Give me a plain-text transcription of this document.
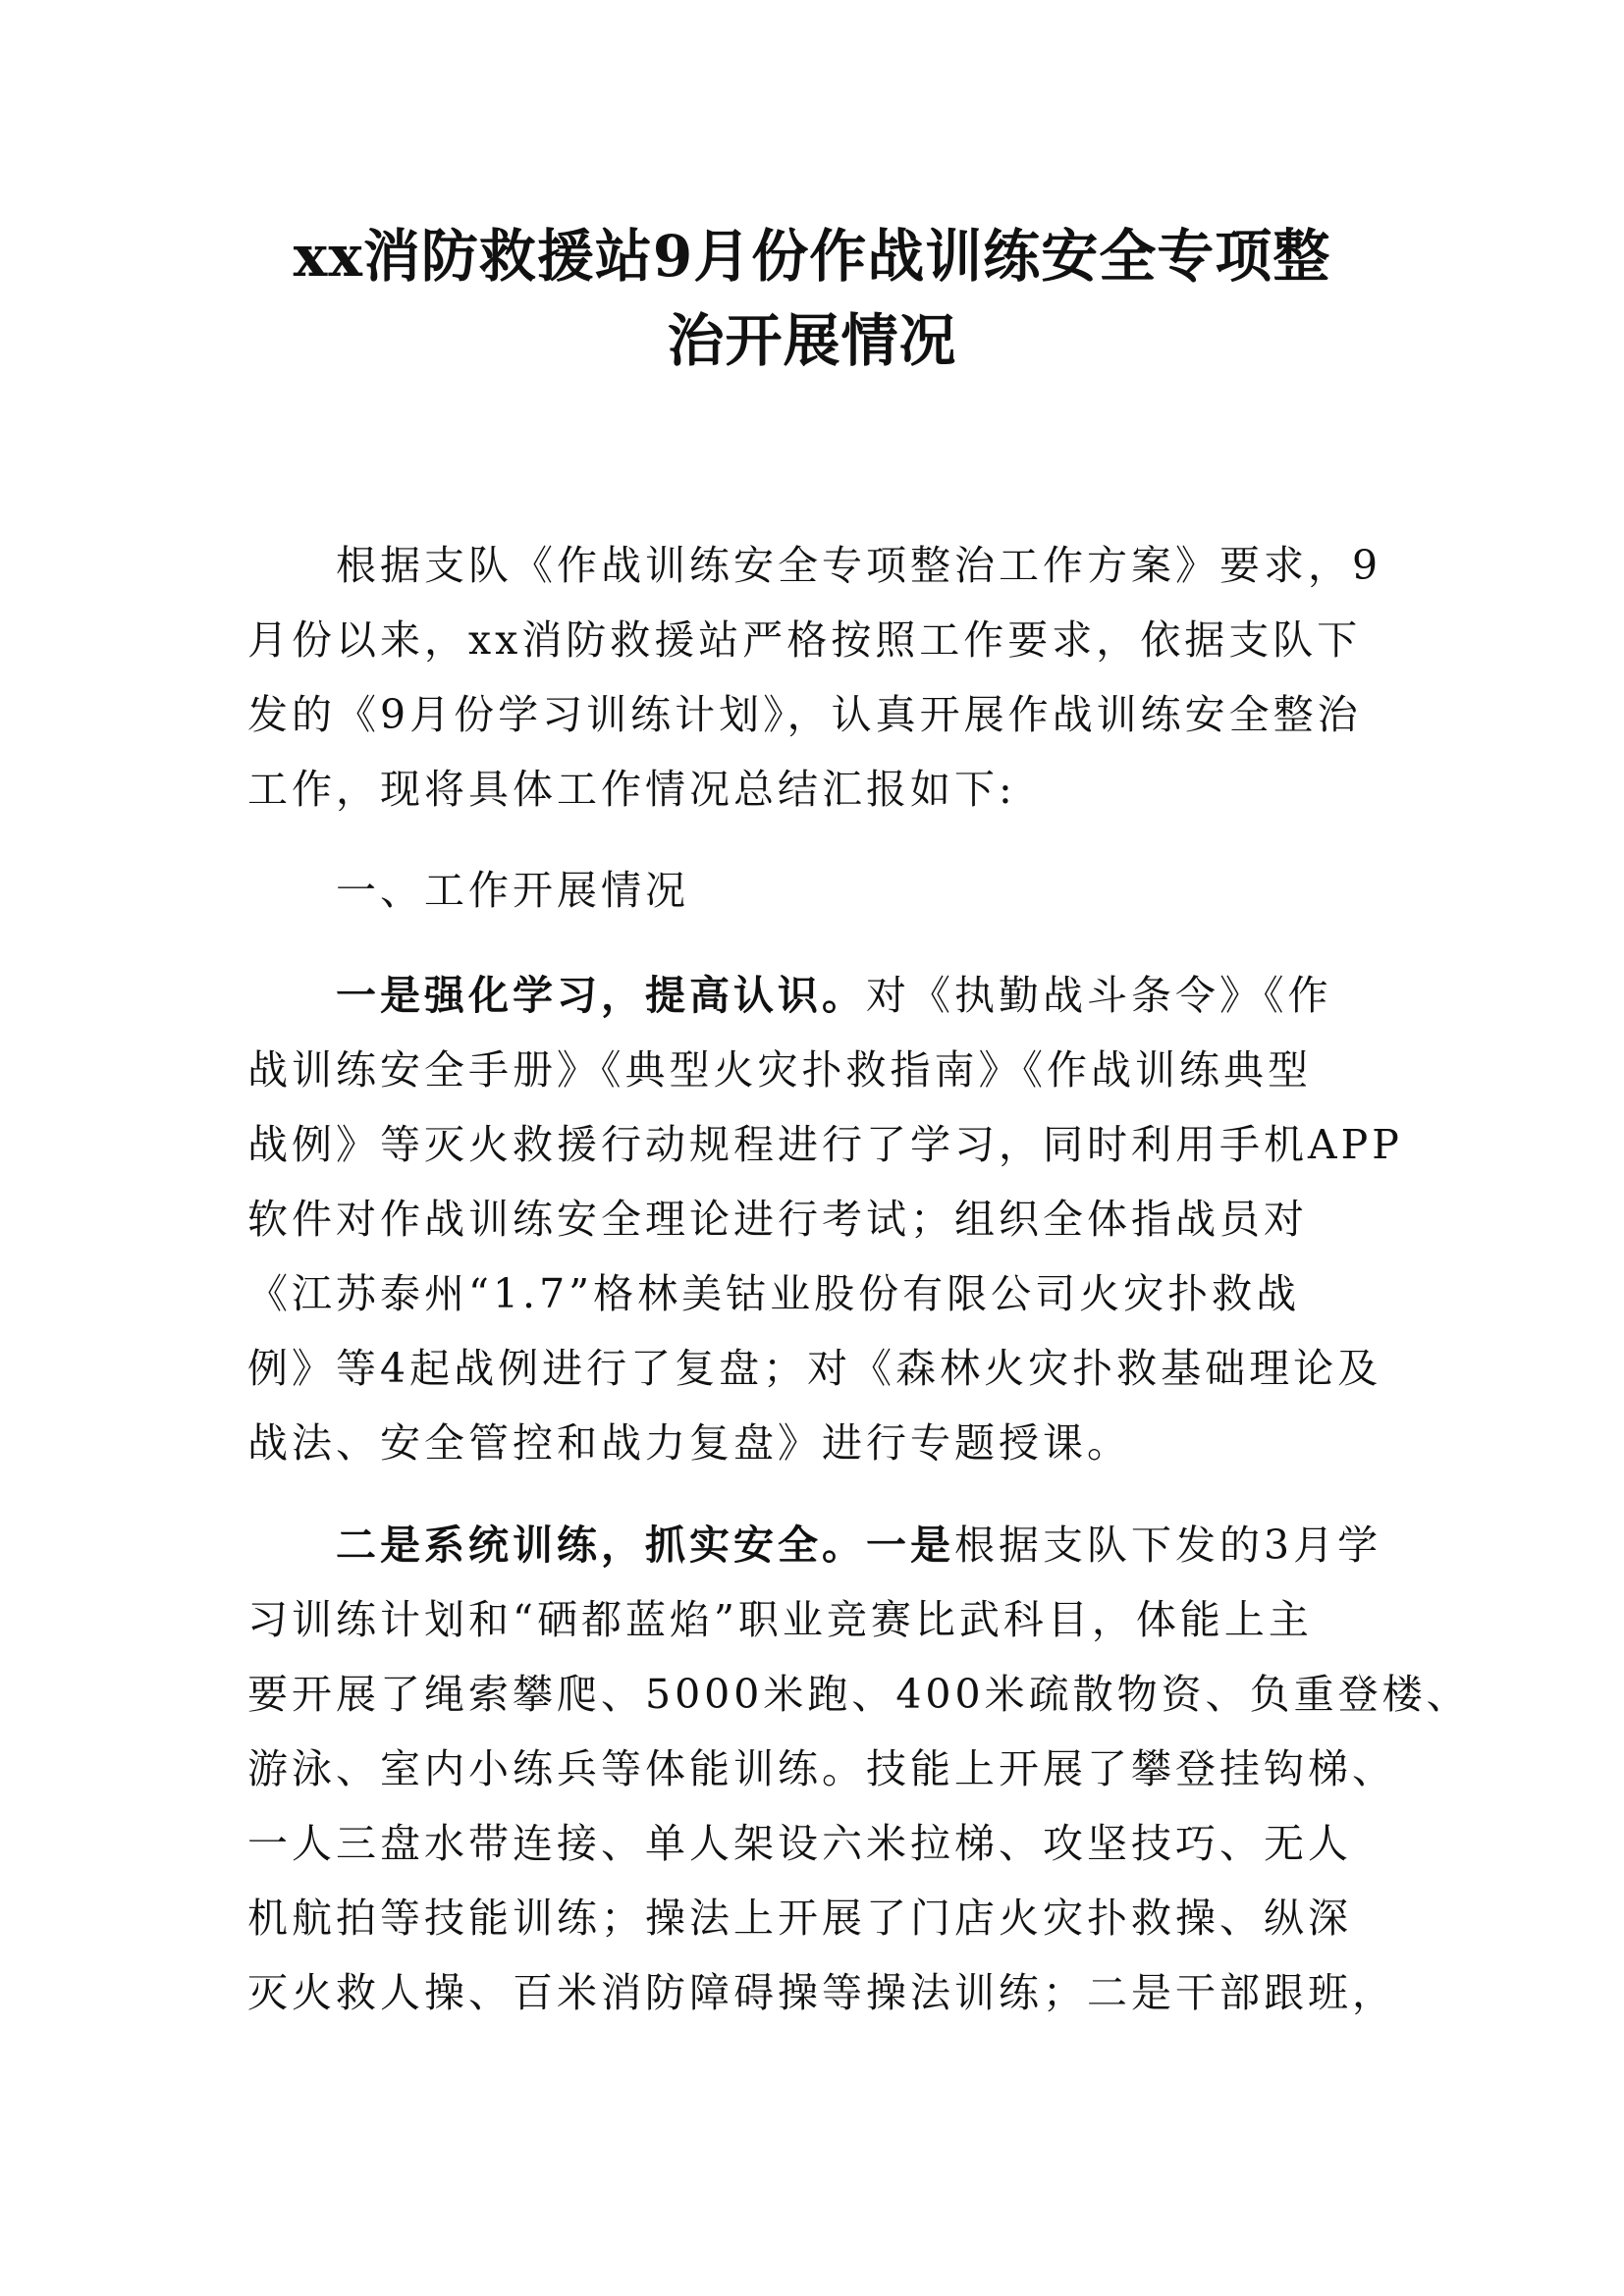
xx消防救援站9月份作战训练安全专项整
治开展情况
根据支队《作战训练安全专项整治工作方案》要求，9
月份以来，xx消防救援站严格按照工作要求，依据支队下
发的《9月份学习训练计划》，认真开展作战训练安全整治
工作，现将具体工作情况总结汇报如下:
一、工作开展情况
一是强化学习，提高认识。对《执勤战斗条令》《作
战训练安全手册》《典型火灾扑救指南》《作战训练典型
战例》等灭火救援行动规程进行了学习，同时利用手机APP
软件对作战训练安全理论进行考试；组织全体指战员对
《江苏泰州“1.7”格林美钴业股份有限公司火灾扑救战
例》等4起战例进行了复盘；对《森林火灾扑救基础理论及
战法、安全管控和战力复盘》进行专题授课。
二是系统训练，抓实安全。一是根据支队下发的3月学
习训练计划和“硒都蓝焰”职业竞赛比武科目，体能上主
要开展了绳索攀爬、5000米跑、400米疏散物资、负重登楼、
游泳、室内小练兵等体能训练。技能上开展了攀登挂钩梯、
一人三盘水带连接、单人架设六米拉梯、攻坚技巧、无人
机航拍等技能训练；操法上开展了门店火灾扑救操、纵深
灭火救人操、百米消防障碍操等操法训练；二是干部跟班，
